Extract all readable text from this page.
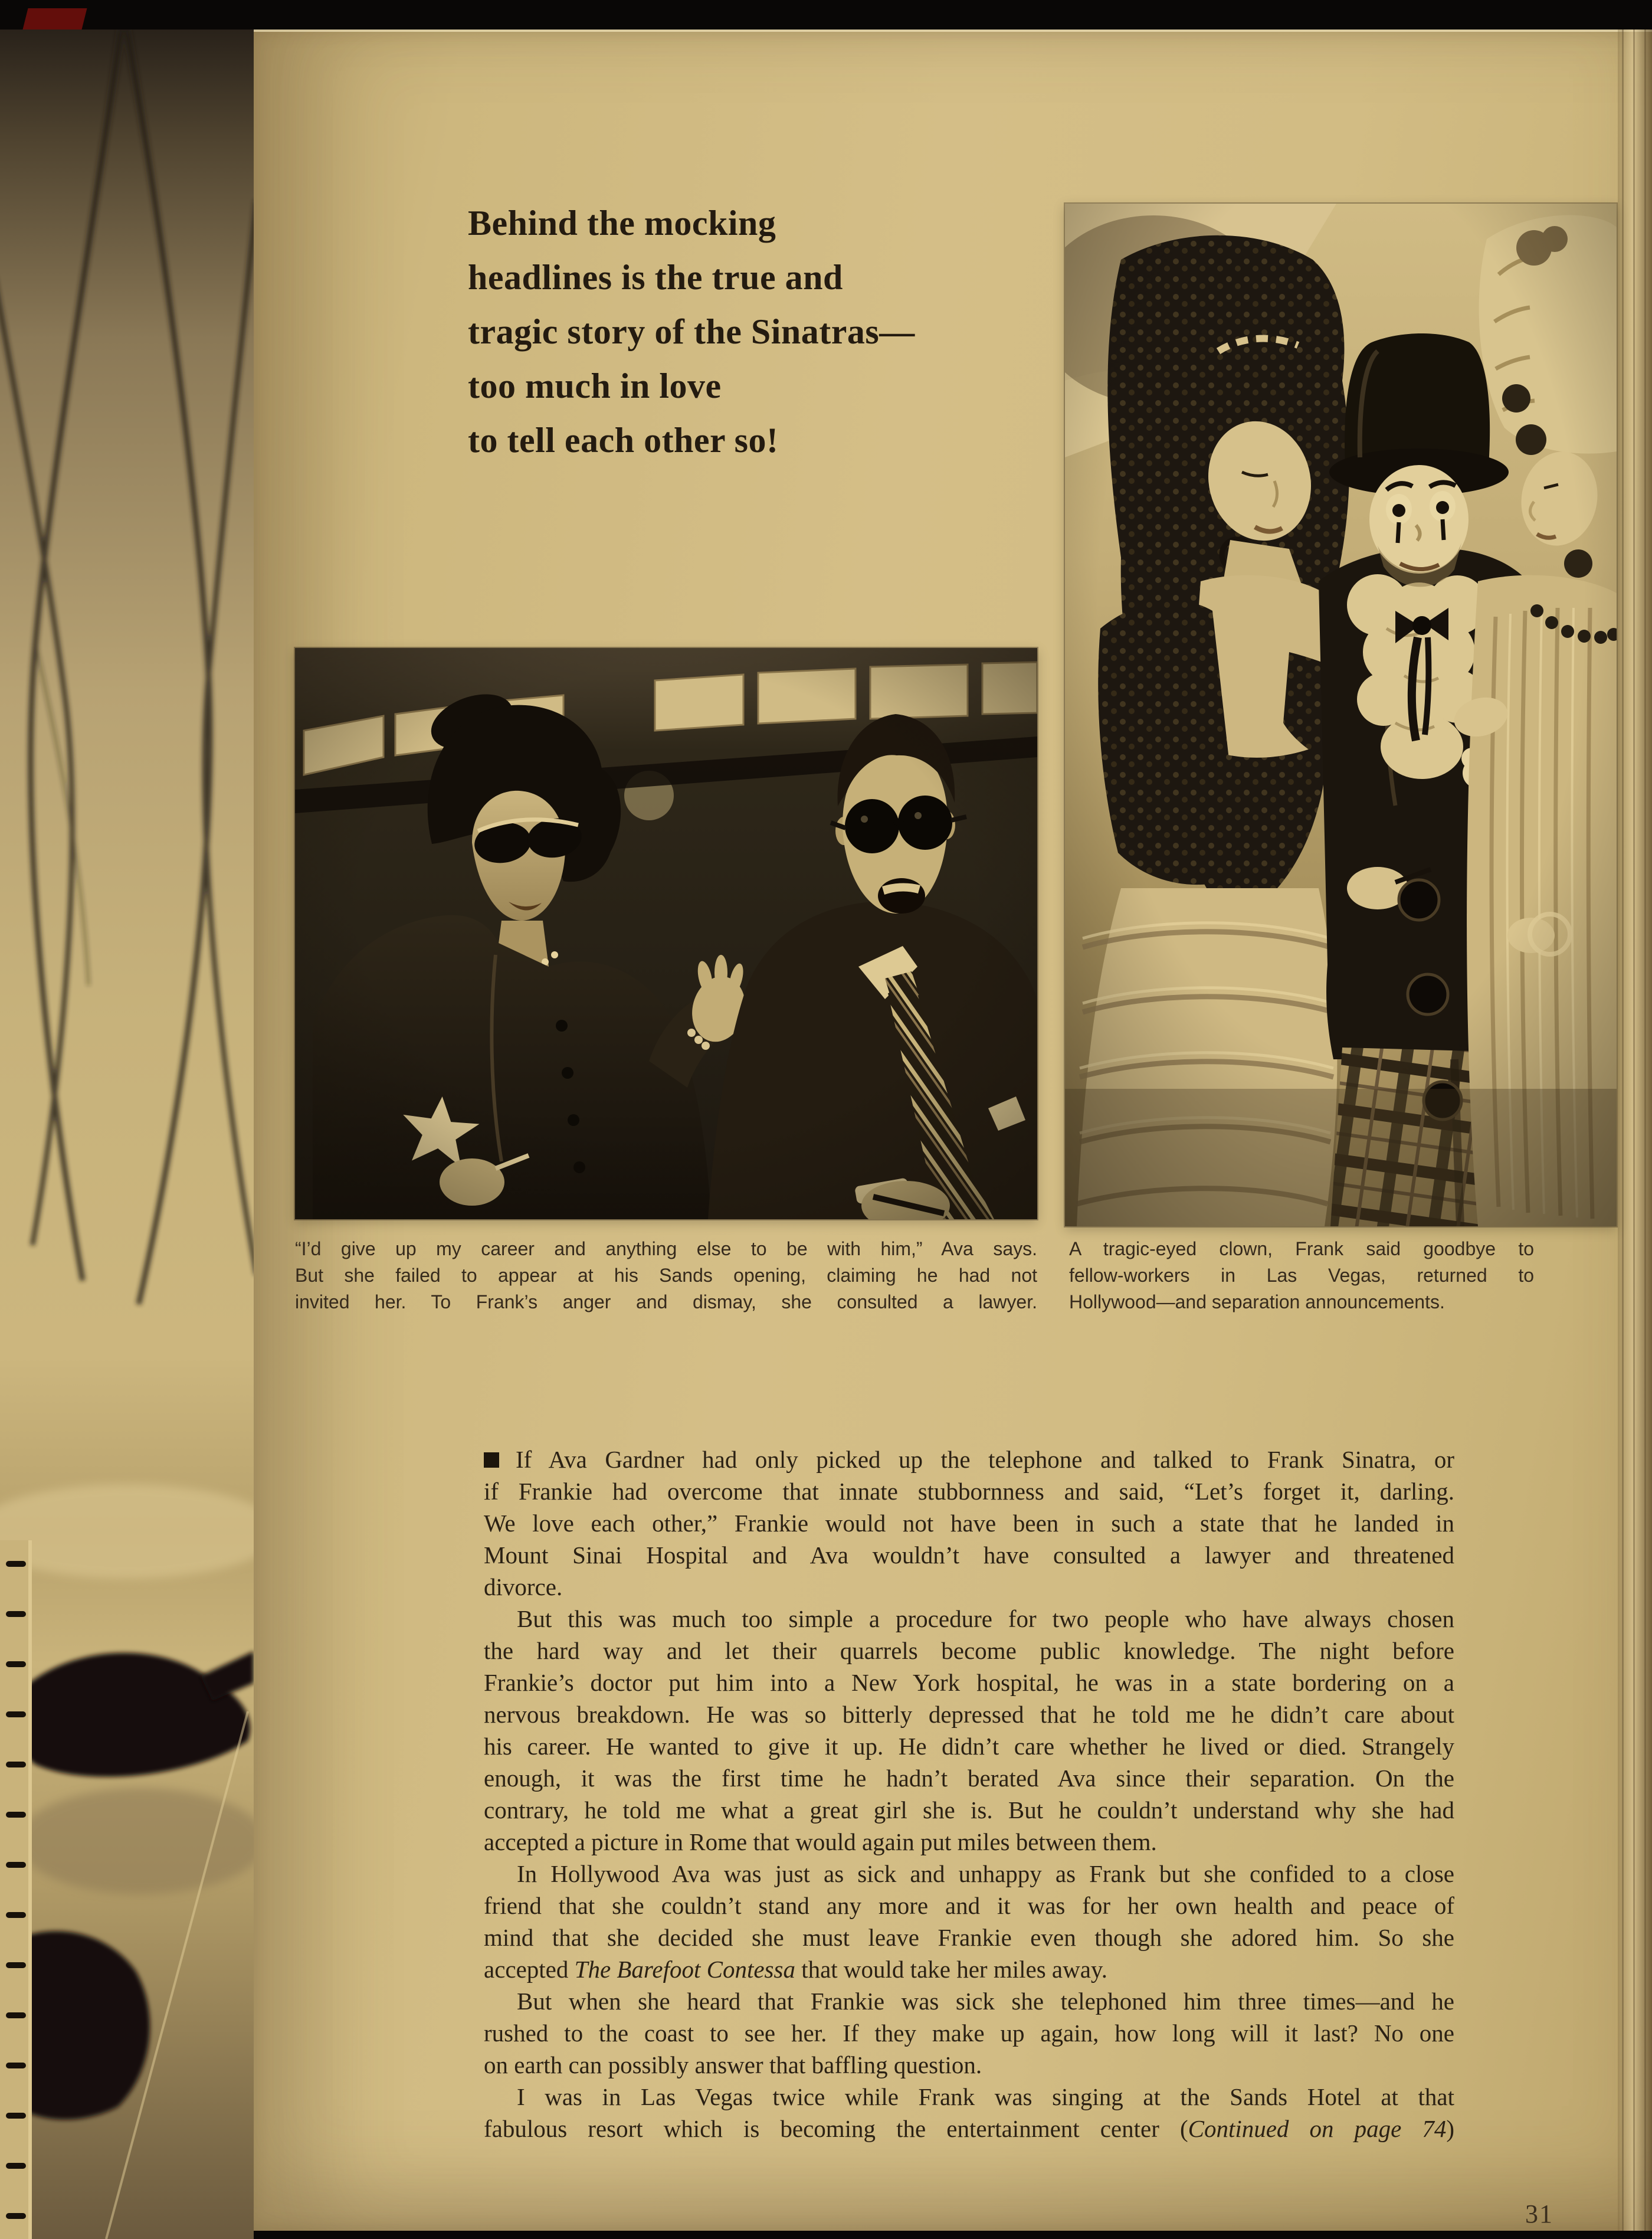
Behind the mocking
headlines is the true and
tragic story of the Sinatras—
too much in love
to tell each other so!
“I’d give up my career and anything else to be with him,” Ava says.
But she failed to appear at his Sands opening, claiming he had not
invited her. To Frank’s anger and dismay, she consulted a lawyer.
A tragic-eyed clown, Frank said goodbye to
fellow-workers in Las Vegas, returned to
Hollywood—and separation announcements.
If Ava Gardner had only picked up the telephone and talked to Frank Sinatra, or
if Frankie had overcome that innate stubbornness and said, “Let’s forget it, darling.
We love each other,” Frankie would not have been in such a state that he landed in
Mount Sinai Hospital and Ava wouldn’t have consulted a lawyer and threatened
divorce.
But this was much too simple a procedure for two people who have always chosen
the hard way and let their quarrels become public knowledge. The night before
Frankie’s doctor put him into a New York hospital, he was in a state bordering on a
nervous breakdown. He was so bitterly depressed that he told me he didn’t care about
his career. He wanted to give it up. He didn’t care whether he lived or died. Strangely
enough, it was the first time he hadn’t berated Ava since their separation. On the
contrary, he told me what a great girl she is. But he couldn’t understand why she had
accepted a picture in Rome that would again put miles between them.
In Hollywood Ava was just as sick and unhappy as Frank but she confided to a close
friend that she couldn’t stand any more and it was for her own health and peace of
mind that she decided she must leave Frankie even though she adored him. So she
accepted The Barefoot Contessa that would take her miles away.
But when she heard that Frankie was sick she telephoned him three times—and he
rushed to the coast to see her. If they make up again, how long will it last? No one
on earth can possibly answer that baffling question.
I was in Las Vegas twice while Frank was singing at the Sands Hotel at that
fabulous resort which is becoming the entertainment center (Continued on page 74)
31
